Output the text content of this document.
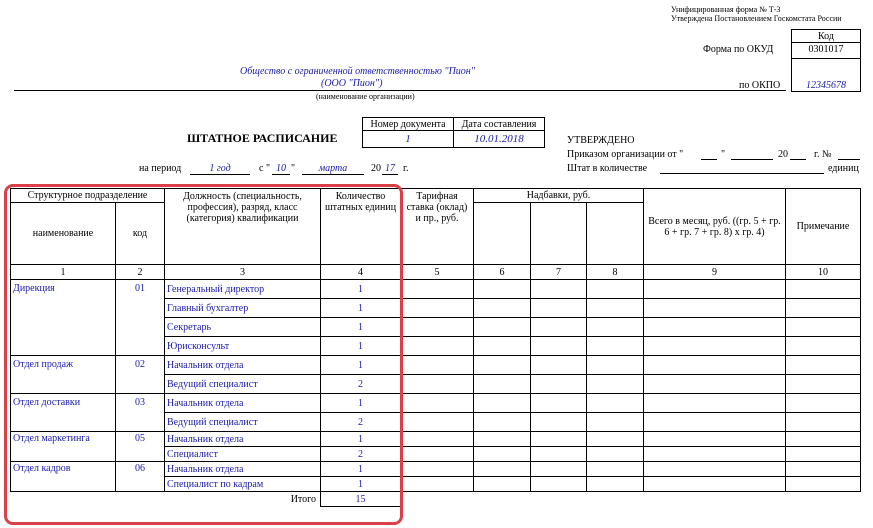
Унифицированная форма № Т-3
Утверждена Постановлением Госкомстата России
Код
0301017
12345678
Форма по ОКУД
по ОКПО
Общество с ограниченной ответственностью "Пион"
(ООО "Пион")
(наименование организации)
Номер документа	Дата составления
1	10.01.2018
ШТАТНОЕ РАСПИСАНИЕ
на период	1 год	с " 10 "	марта	20 17 г.
УТВЕРЖДЕНО
Приказом организации от "	"	20	г. №
Штат в количестве	единиц
Структурное подразделение		Должность (специальность, профессия), разряд, класс (категория) квалификации	Количество штатных единиц	Тарифная ставка (оклад) и пр., руб.	Надбавки, руб.			Всего в месяц, руб. ((гр. 5 + гр. 6 + гр. 7 + гр. 8) х гр. 4)	Примечание
наименование	код								
1	2	3	4	5	6	7	8	9	10
Дирекция	01	Генеральный директор	1						
		Главный бухгалтер	1						
		Секретарь	1						
		Юрисконсульт	1						
Отдел продаж	02	Начальник отдела	1						
		Ведущий специалист	2						
Отдел доставки	03	Начальник отдела	1						
		Ведущий специалист	2						
Отдел маркетинга	05	Начальник отдела	1						
		Специалист	2						
Отдел кадров	06	Начальник отдела	1						
		Специалист по кадрам	1						
Итого			15						
